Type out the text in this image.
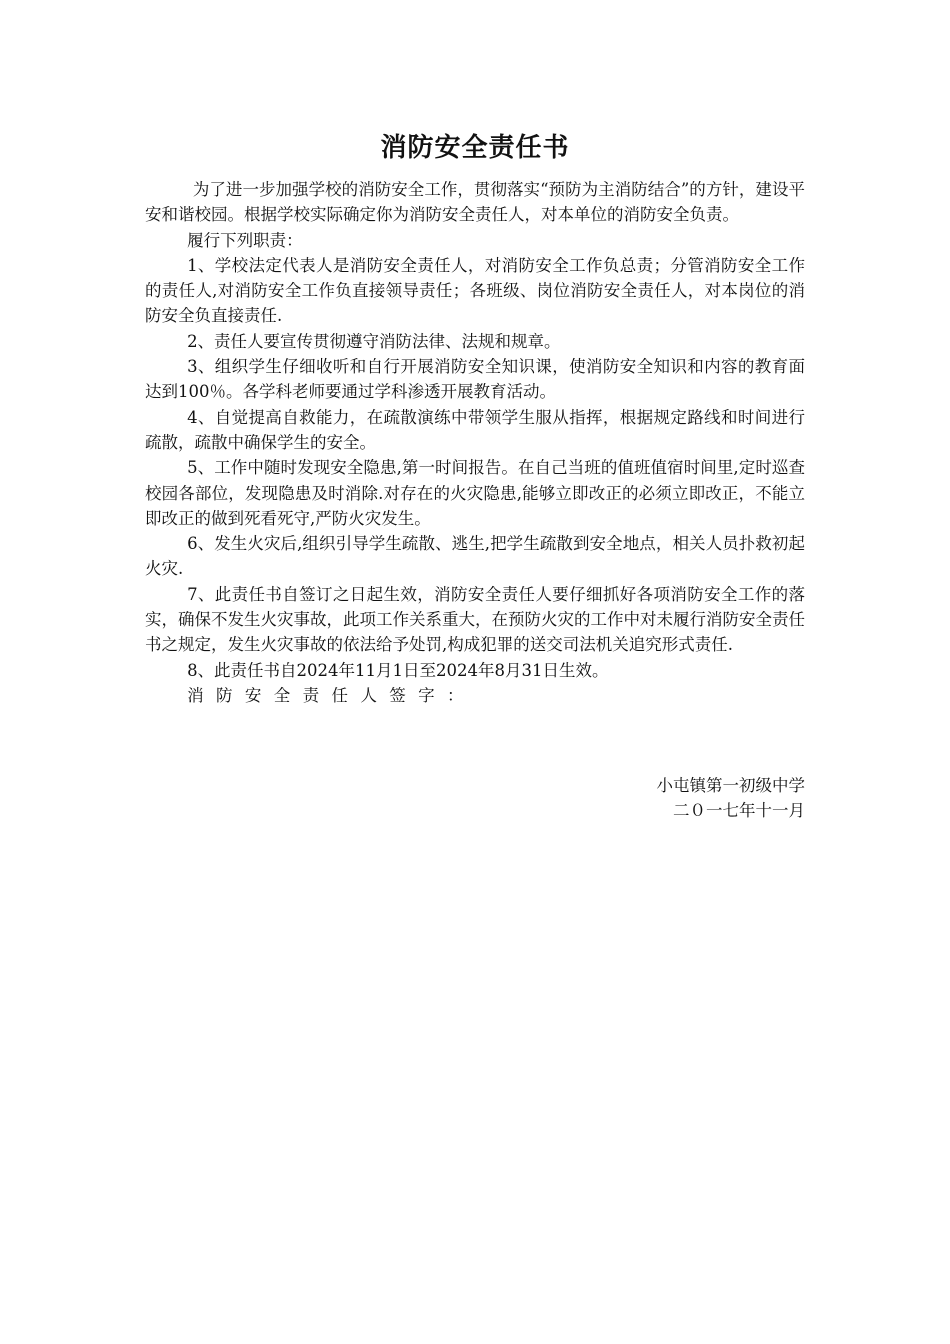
消防安全责任书

为了进一步加强学校的消防安全工作，贯彻落实“预防为主消防结合”的方针，建设平安和谐校园。根据学校实际确定你为消防安全责任人，对本单位的消防安全负责。

履行下列职责：

1、学校法定代表人是消防安全责任人，对消防安全工作负总责；分管消防安全工作的责任人,对消防安全工作负直接领导责任；各班级、岗位消防安全责任人，对本岗位的消防安全负直接责任.

2、责任人要宣传贯彻遵守消防法律、法规和规章。

3、组织学生仔细收听和自行开展消防安全知识课，使消防安全知识和内容的教育面达到100％。各学科老师要通过学科渗透开展教育活动。

4、自觉提高自救能力，在疏散演练中带领学生服从指挥，根据规定路线和时间进行疏散，疏散中确保学生的安全。

5、工作中随时发现安全隐患,第一时间报告。在自己当班的值班值宿时间里,定时巡查校园各部位，发现隐患及时消除.对存在的火灾隐患,能够立即改正的必须立即改正，不能立即改正的做到死看死守,严防火灾发生。

6、发生火灾后,组织引导学生疏散、逃生,把学生疏散到安全地点，相关人员扑救初起火灾.

7、此责任书自签订之日起生效，消防安全责任人要仔细抓好各项消防安全工作的落实，确保不发生火灾事故，此项工作关系重大，在预防火灾的工作中对未履行消防安全责任书之规定，发生火灾事故的依法给予处罚,构成犯罪的送交司法机关追究形式责任.

8、此责任书自2024年11月1日至2024年8月31日生效。

消防安全责任人签字：

小屯镇第一初级中学
二０一七年十一月
